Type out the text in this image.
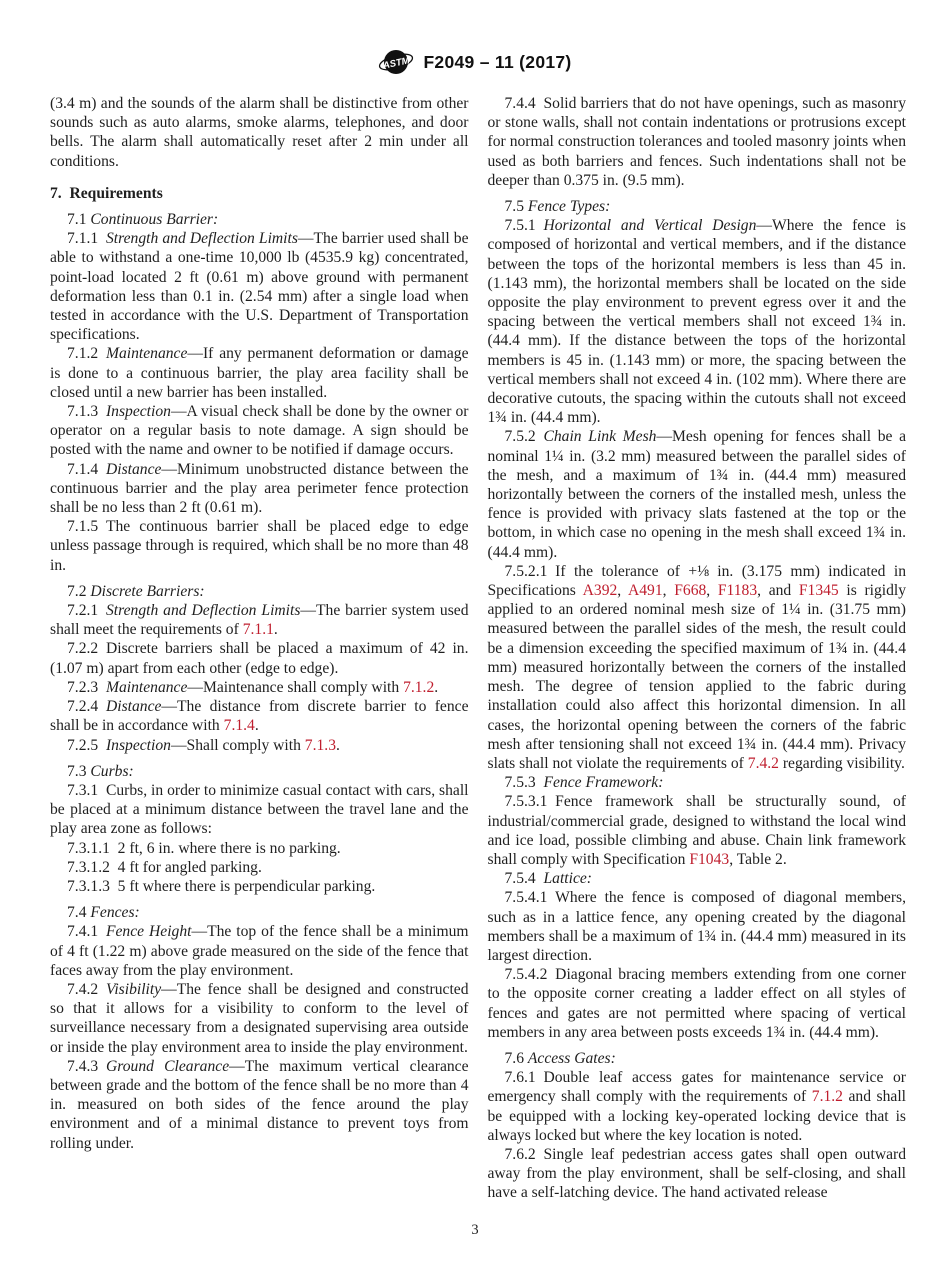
ASTM F2049 – 11 (2017)

(3.4 m) and the sounds of the alarm shall be distinctive from other sounds such as auto alarms, smoke alarms, telephones, and door bells. The alarm shall automatically reset after 2 min under all conditions.

7. Requirements

7.1 Continuous Barrier:

7.1.1 Strength and Deflection Limits—The barrier used shall be able to withstand a one-time 10,000 lb (4535.9 kg) concentrated, point-load located 2 ft (0.61 m) above ground with permanent deformation less than 0.1 in. (2.54 mm) after a single load when tested in accordance with the U.S. Department of Transportation specifications.

7.1.2 Maintenance—If any permanent deformation or damage is done to a continuous barrier, the play area facility shall be closed until a new barrier has been installed.

7.1.3 Inspection—A visual check shall be done by the owner or operator on a regular basis to note damage. A sign should be posted with the name and owner to be notified if damage occurs.

7.1.4 Distance—Minimum unobstructed distance between the continuous barrier and the play area perimeter fence protection shall be no less than 2 ft (0.61 m).

7.1.5 The continuous barrier shall be placed edge to edge unless passage through is required, which shall be no more than 48 in.

7.2 Discrete Barriers:

7.2.1 Strength and Deflection Limits—The barrier system used shall meet the requirements of 7.1.1.

7.2.2 Discrete barriers shall be placed a maximum of 42 in. (1.07 m) apart from each other (edge to edge).

7.2.3 Maintenance—Maintenance shall comply with 7.1.2.

7.2.4 Distance—The distance from discrete barrier to fence shall be in accordance with 7.1.4.

7.2.5 Inspection—Shall comply with 7.1.3.

7.3 Curbs:

7.3.1 Curbs, in order to minimize casual contact with cars, shall be placed at a minimum distance between the travel lane and the play area zone as follows:

7.3.1.1 2 ft, 6 in. where there is no parking.

7.3.1.2 4 ft for angled parking.

7.3.1.3 5 ft where there is perpendicular parking.

7.4 Fences:

7.4.1 Fence Height—The top of the fence shall be a minimum of 4 ft (1.22 m) above grade measured on the side of the fence that faces away from the play environment.

7.4.2 Visibility—The fence shall be designed and constructed so that it allows for a visibility to conform to the level of surveillance necessary from a designated supervising area outside or inside the play environment area to inside the play environment.

7.4.3 Ground Clearance—The maximum vertical clearance between grade and the bottom of the fence shall be no more than 4 in. measured on both sides of the fence around the play environment and of a minimal distance to prevent toys from rolling under.

7.4.4 Solid barriers that do not have openings, such as masonry or stone walls, shall not contain indentations or protrusions except for normal construction tolerances and tooled masonry joints when used as both barriers and fences. Such indentations shall not be deeper than 0.375 in. (9.5 mm).

7.5 Fence Types:

7.5.1 Horizontal and Vertical Design—Where the fence is composed of horizontal and vertical members, and if the distance between the tops of the horizontal members is less than 45 in. (1.143 mm), the horizontal members shall be located on the side opposite the play environment to prevent egress over it and the spacing between the vertical members shall not exceed 1¾ in. (44.4 mm). If the distance between the tops of the horizontal members is 45 in. (1.143 mm) or more, the spacing between the vertical members shall not exceed 4 in. (102 mm). Where there are decorative cutouts, the spacing within the cutouts shall not exceed 1¾ in. (44.4 mm).

7.5.2 Chain Link Mesh—Mesh opening for fences shall be a nominal 1¼ in. (3.2 mm) measured between the parallel sides of the mesh, and a maximum of 1¾ in. (44.4 mm) measured horizontally between the corners of the installed mesh, unless the fence is provided with privacy slats fastened at the top or the bottom, in which case no opening in the mesh shall exceed 1¾ in. (44.4 mm).

7.5.2.1 If the tolerance of +⅛ in. (3.175 mm) indicated in Specifications A392, A491, F668, F1183, and F1345 is rigidly applied to an ordered nominal mesh size of 1¼ in. (31.75 mm) measured between the parallel sides of the mesh, the result could be a dimension exceeding the specified maximum of 1¾ in. (44.4 mm) measured horizontally between the corners of the installed mesh. The degree of tension applied to the fabric during installation could also affect this horizontal dimension. In all cases, the horizontal opening between the corners of the fabric mesh after tensioning shall not exceed 1¾ in. (44.4 mm). Privacy slats shall not violate the requirements of 7.4.2 regarding visibility.

7.5.3 Fence Framework:

7.5.3.1 Fence framework shall be structurally sound, of industrial/commercial grade, designed to withstand the local wind and ice load, possible climbing and abuse. Chain link framework shall comply with Specification F1043, Table 2.

7.5.4 Lattice:

7.5.4.1 Where the fence is composed of diagonal members, such as in a lattice fence, any opening created by the diagonal members shall be a maximum of 1¾ in. (44.4 mm) measured in its largest direction.

7.5.4.2 Diagonal bracing members extending from one corner to the opposite corner creating a ladder effect on all styles of fences and gates are not permitted where spacing of vertical members in any area between posts exceeds 1¾ in. (44.4 mm).

7.6 Access Gates:

7.6.1 Double leaf access gates for maintenance service or emergency shall comply with the requirements of 7.1.2 and shall be equipped with a locking key-operated locking device that is always locked but where the key location is noted.

7.6.2 Single leaf pedestrian access gates shall open outward away from the play environment, shall be self-closing, and shall have a self-latching device. The hand activated release

3
